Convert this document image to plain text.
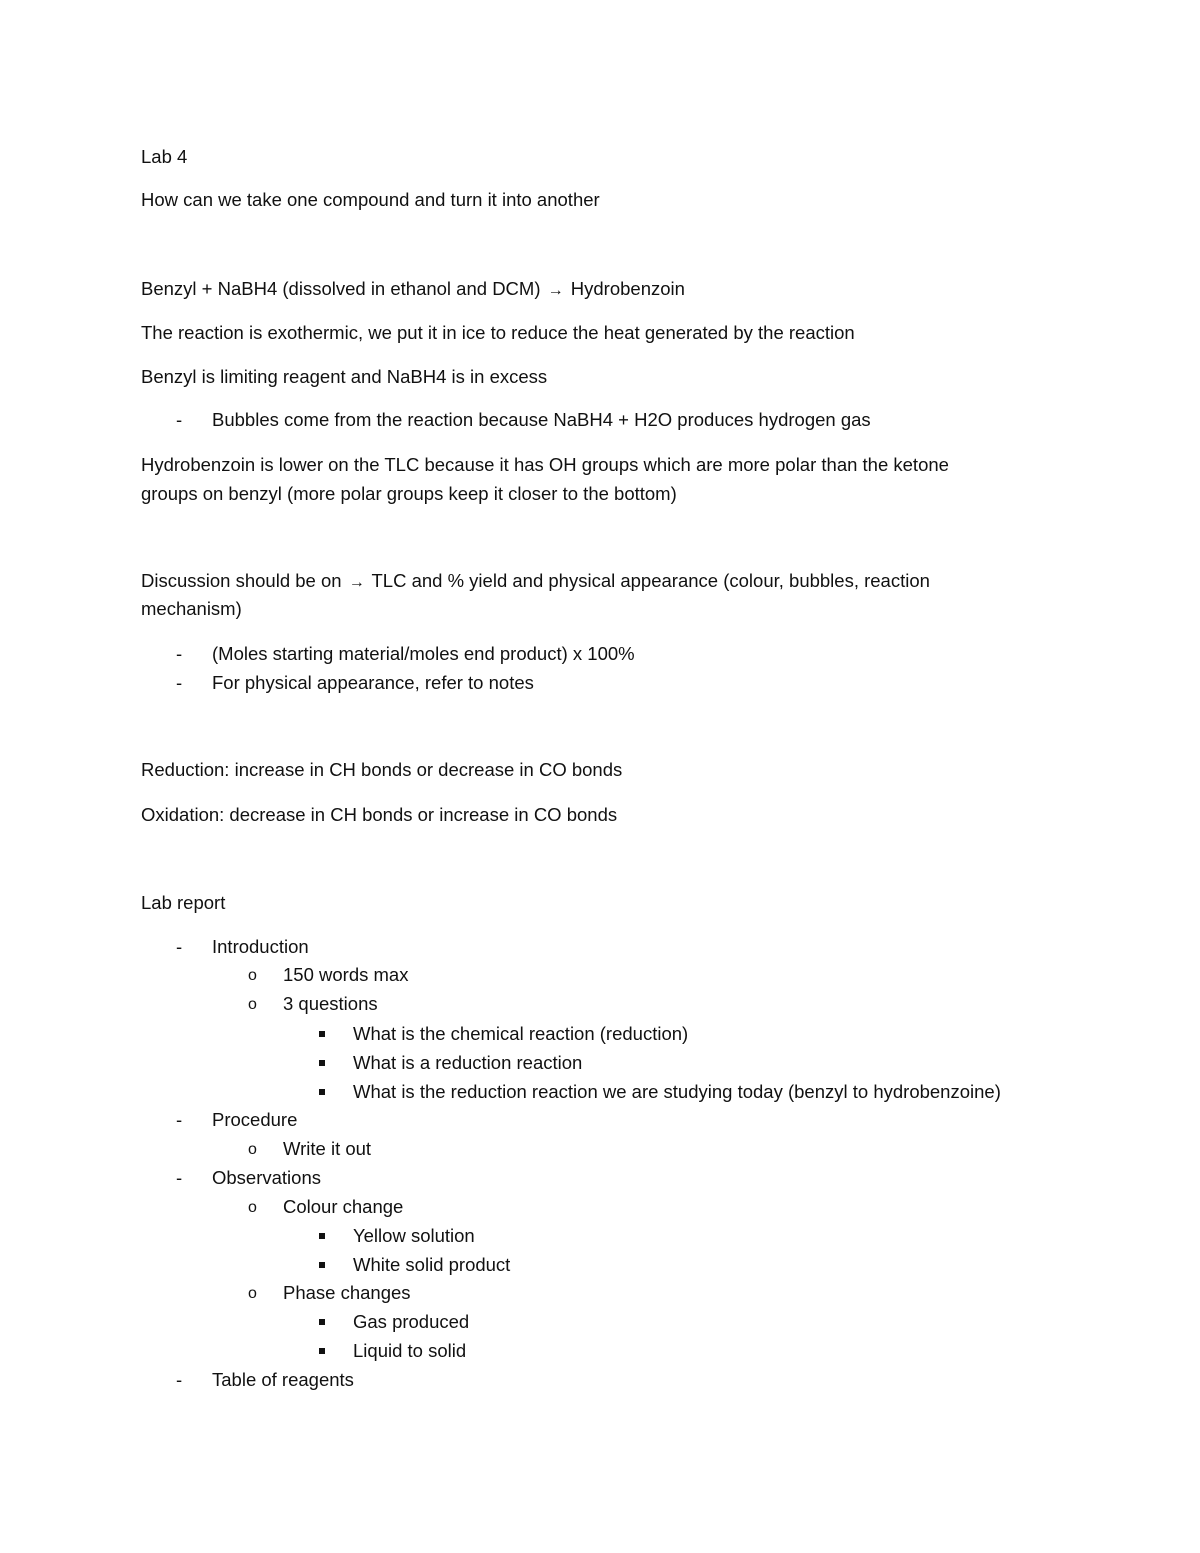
Lab 4
How can we take one compound and turn it into another
Benzyl + NaBH4 (dissolved in ethanol and DCM) → Hydrobenzoin
The reaction is exothermic, we put it in ice to reduce the heat generated by the reaction
Benzyl is limiting reagent and NaBH4 is in excess
- Bubbles come from the reaction because NaBH4 + H2O produces hydrogen gas
Hydrobenzoin is lower on the TLC because it has OH groups which are more polar than the ketone
groups on benzyl (more polar groups keep it closer to the bottom)
Discussion should be on → TLC and % yield and physical appearance (colour, bubbles, reaction
mechanism)
- (Moles starting material/moles end product) x 100%
- For physical appearance, refer to notes
Reduction: increase in CH bonds or decrease in CO bonds
Oxidation: decrease in CH bonds or increase in CO bonds
Lab report
- Introduction
o 150 words max
o 3 questions
What is the chemical reaction (reduction)
What is a reduction reaction
What is the reduction reaction we are studying today (benzyl to hydrobenzoine)
- Procedure
o Write it out
- Observations
o Colour change
Yellow solution
White solid product
o Phase changes
Gas produced
Liquid to solid
- Table of reagents
